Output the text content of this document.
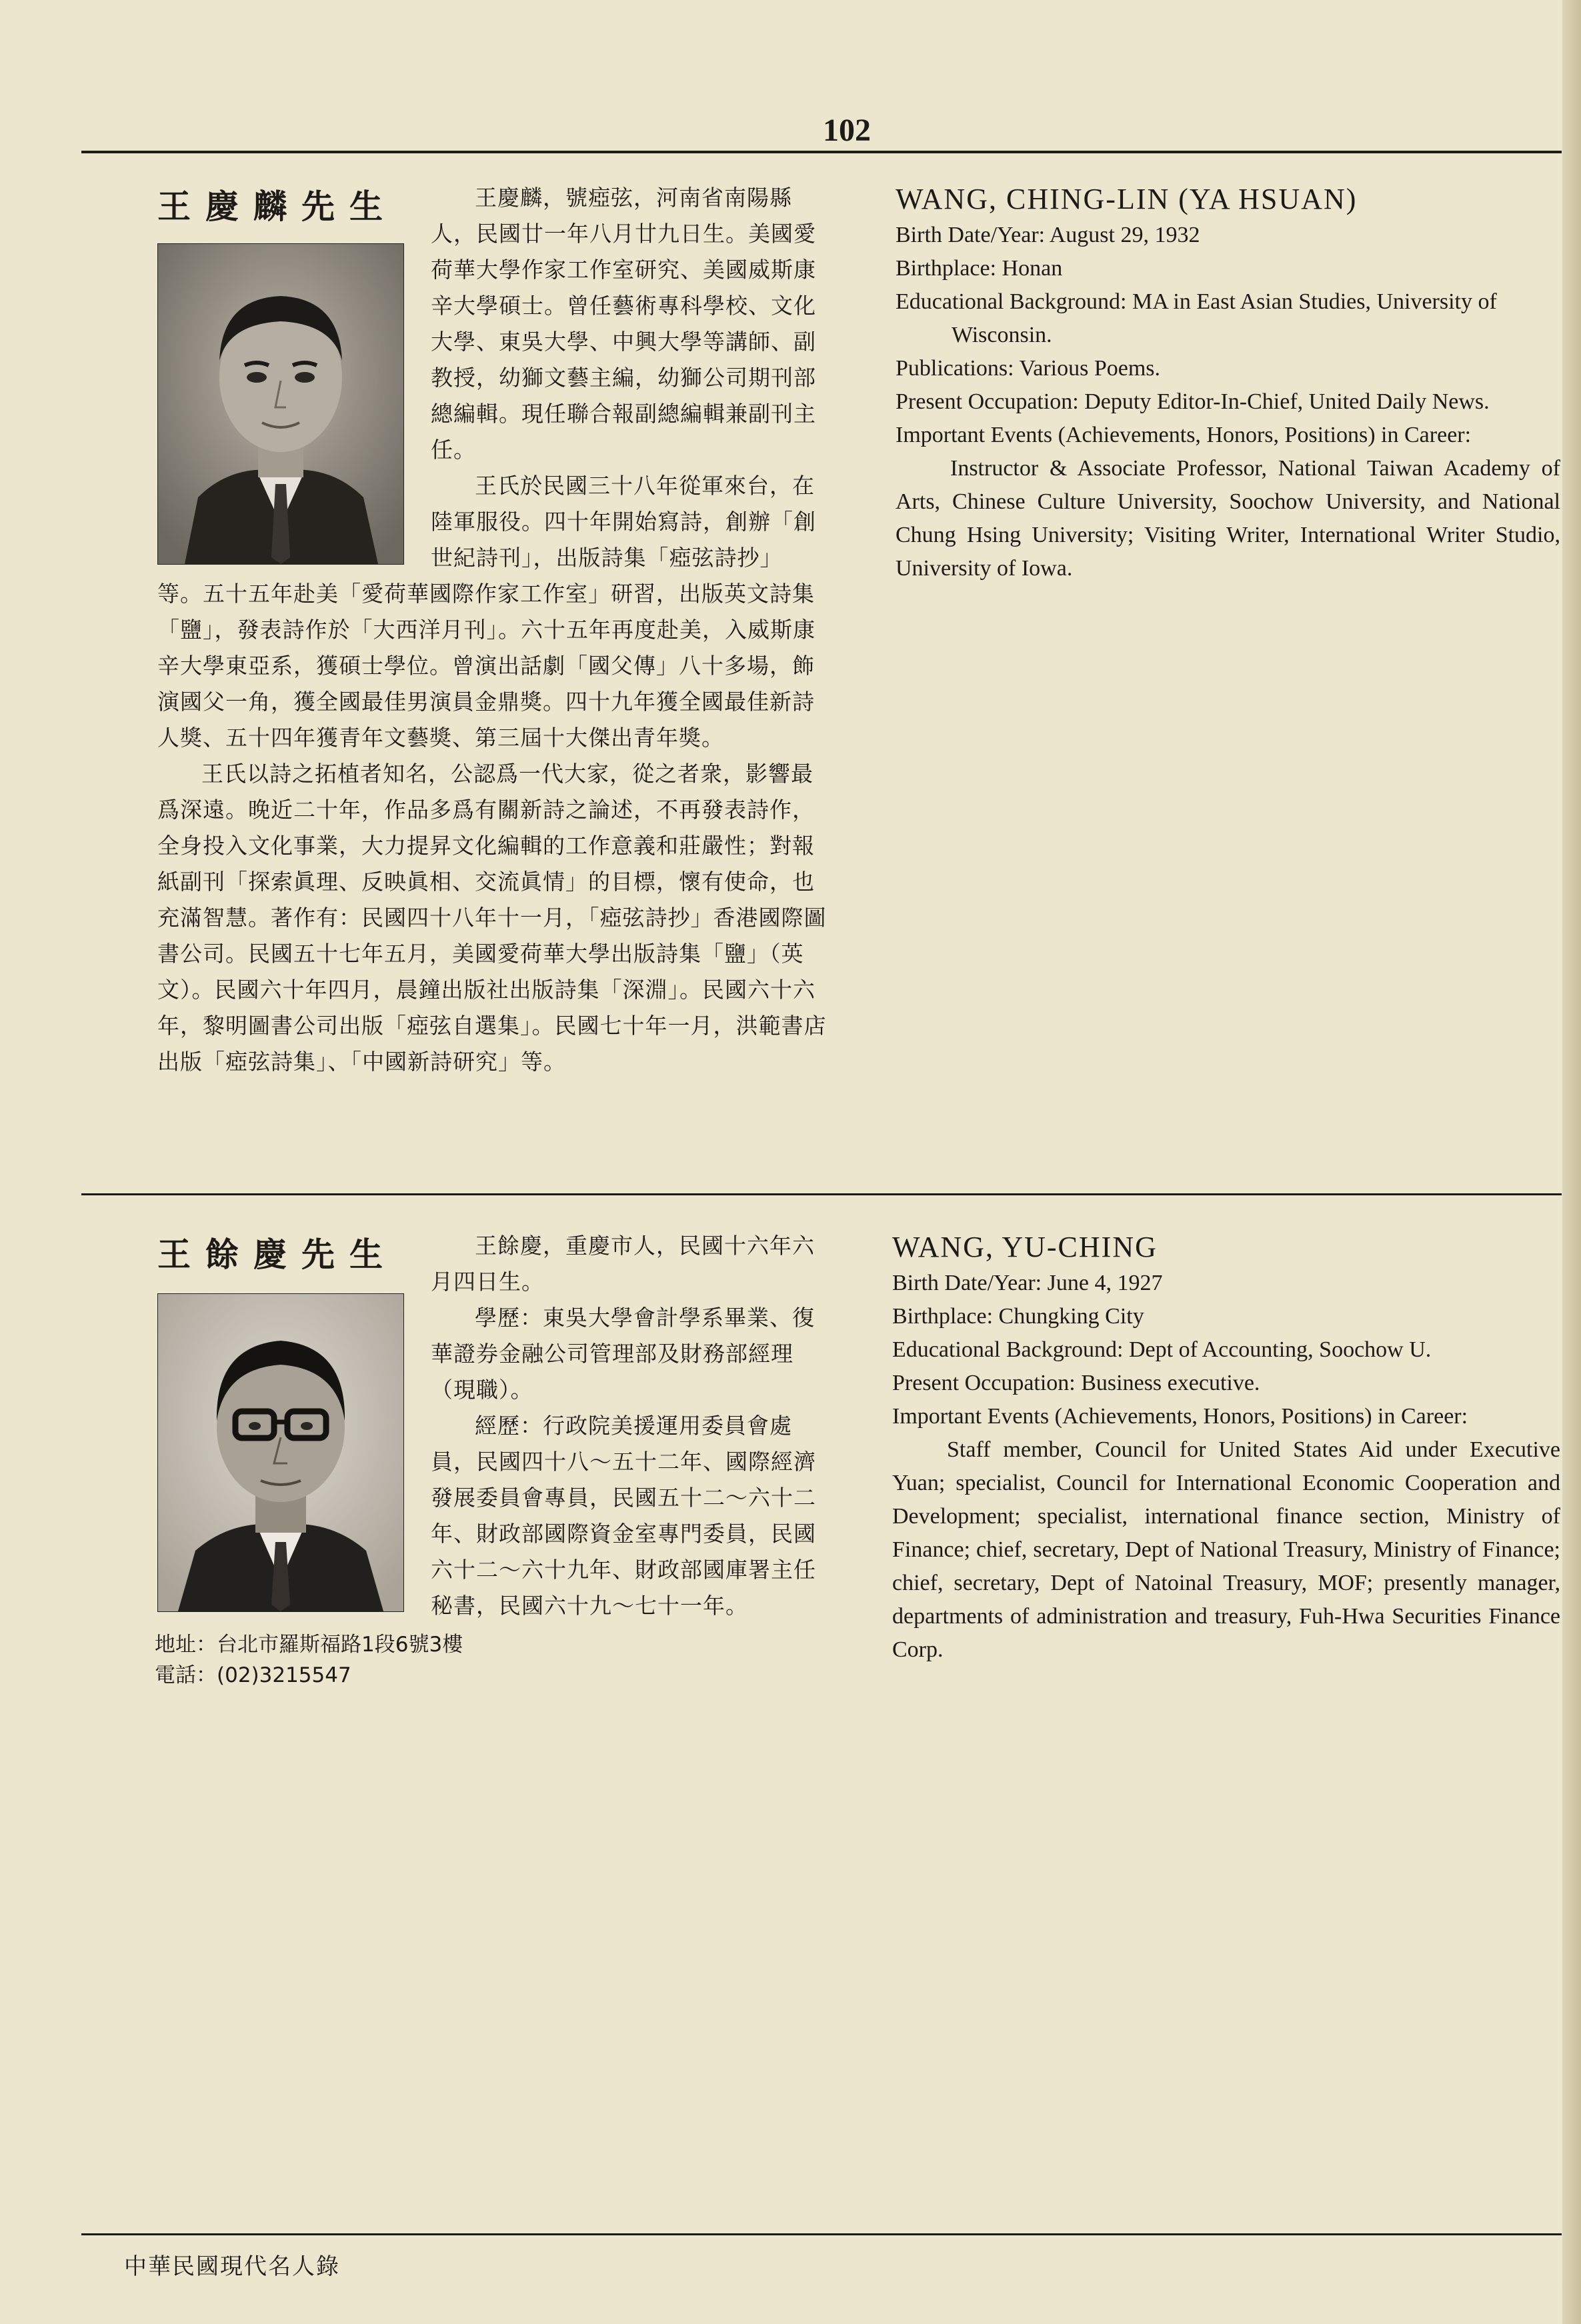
102
王慶麟先生	王慶麟，號瘂弦，河南省南陽縣人，民國廿一年八月廿九日生。美國愛荷華大學作家工作室研究、美國威斯康辛大學碩士。曾任藝術專科學校、文化大學、東吳大學、中興大學等講師、副教授，幼獅文藝主編，幼獅公司期刊部總編輯。現任聯合報副總編輯兼副刊主任。

王氏於民國三十八年從軍來台，在陸軍服役。四十年開始寫詩，創辦「創世紀詩刊」，出版詩集「瘂弦詩抄」等。五十五年赴美「愛荷華國際作家工作室」研習，出版英文詩集「鹽」，發表詩作於「大西洋月刊」。六十五年再度赴美，入威斯康辛大學東亞系，獲碩士學位。曾演出話劇「國父傳」八十多場，飾演國父一角，獲全國最佳男演員金鼎獎。四十九年獲全國最佳新詩人獎、五十四年獲青年文藝獎、第三屆十大傑出青年獎。

王氏以詩之拓植者知名，公認爲一代大家，從之者衆，影響最爲深遠。晚近二十年，作品多爲有關新詩之論述，不再發表詩作，全身投入文化事業，大力提昇文化編輯的工作意義和莊嚴性；對報紙副刊「探索眞理、反映眞相、交流眞情」的目標，懷有使命，也充滿智慧。著作有：民國四十八年十一月，「瘂弦詩抄」香港國際圖書公司。民國五十七年五月，美國愛荷華大學出版詩集「鹽」（英文）。民國六十年四月，晨鐘出版社出版詩集「深淵」。民國六十六年，黎明圖書公司出版「瘂弦自選集」。民國七十年一月，洪範書店出版「瘂弦詩集」、「中國新詩研究」等。

WANG, CHING-LIN (YA HSUAN)
Birth Date/Year: August 29, 1932
Birthplace: Honan
Educational Background: MA in East Asian Studies, University of Wisconsin.
Publications: Various Poems.
Present Occupation: Deputy Editor-In-Chief, United Daily News.
Important Events (Achievements, Honors, Positions) in Career:

Instructor & Associate Professor, National Taiwan Academy of Arts, Chinese Culture University, Soochow University, and National Chung Hsing University; Visiting Writer, International Writer Studio, University of Iowa.

王餘慶先生	王餘慶，重慶市人，民國十六年六月四日生。

學歷：東吳大學會計學系畢業、復華證券金融公司管理部及財務部經理（現職）。

經歷：行政院美援運用委員會處員，民國四十八～五十二年、國際經濟發展委員會專員，民國五十二～六十二年、財政部國際資金室專門委員，民國六十二～六十九年、財政部國庫署主任秘書，民國六十九～七十一年。

地址：台北市羅斯福路1段6號3樓
電話：(02)3215547
WANG, YU-CHING
Birth Date/Year: June 4, 1927
Birthplace: Chungking City
Educational Background: Dept of Accounting, Soochow U.
Present Occupation: Business executive.
Important Events (Achievements, Honors, Positions) in Career:

Staff member, Council for United States Aid under Executive Yuan; specialist, Council for International Economic Cooperation and Development; specialist, international finance section, Ministry of Finance; chief, secretary, Dept of National Treasury, Ministry of Finance; chief, secretary, Dept of Natoinal Treasury, MOF; presently manager, departments of administration and treasury, Fuh-Hwa Securities Finance Corp.

中華民國現代名人錄
